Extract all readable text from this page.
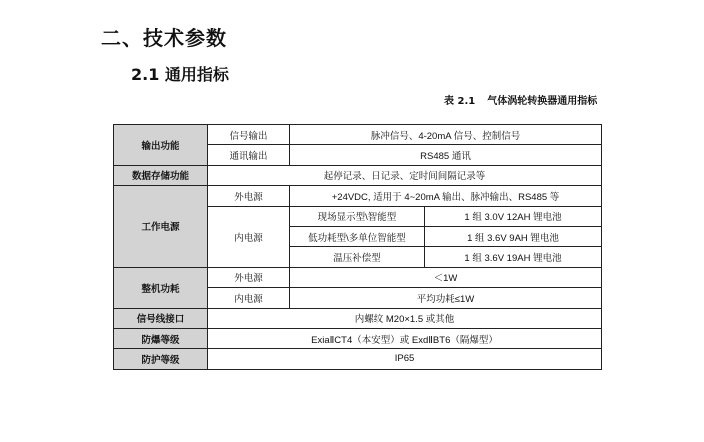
二、技术参数
2.1 通用指标
表 2.1 气体涡轮转换器通用指标
输出功能	信号输出	脉冲信号、4-20mA 信号、控制信号	
	通讯输出	RS485 通讯	
数据存储功能	起停记录、日记录、定时间间隔记录等		
工作电源	外电源	+24VDC, 适用于 4~20mA 输出、脉冲输出、RS485 等	
	内电源	现场显示型\智能型	1 组 3.0V 12AH 锂电池
		低功耗型\多单位智能型	1 组 3.6V 9AH 锂电池
		温压补偿型	1 组 3.6V 19AH 锂电池
整机功耗	外电源	＜1W	
	内电源	平均功耗≤1W	
信号线接口	内螺纹 M20×1.5 或其他		
防爆等级	ExiaⅡCT4（本安型）或 ExdⅡBT6（隔爆型）		
防护等级	IP65		
